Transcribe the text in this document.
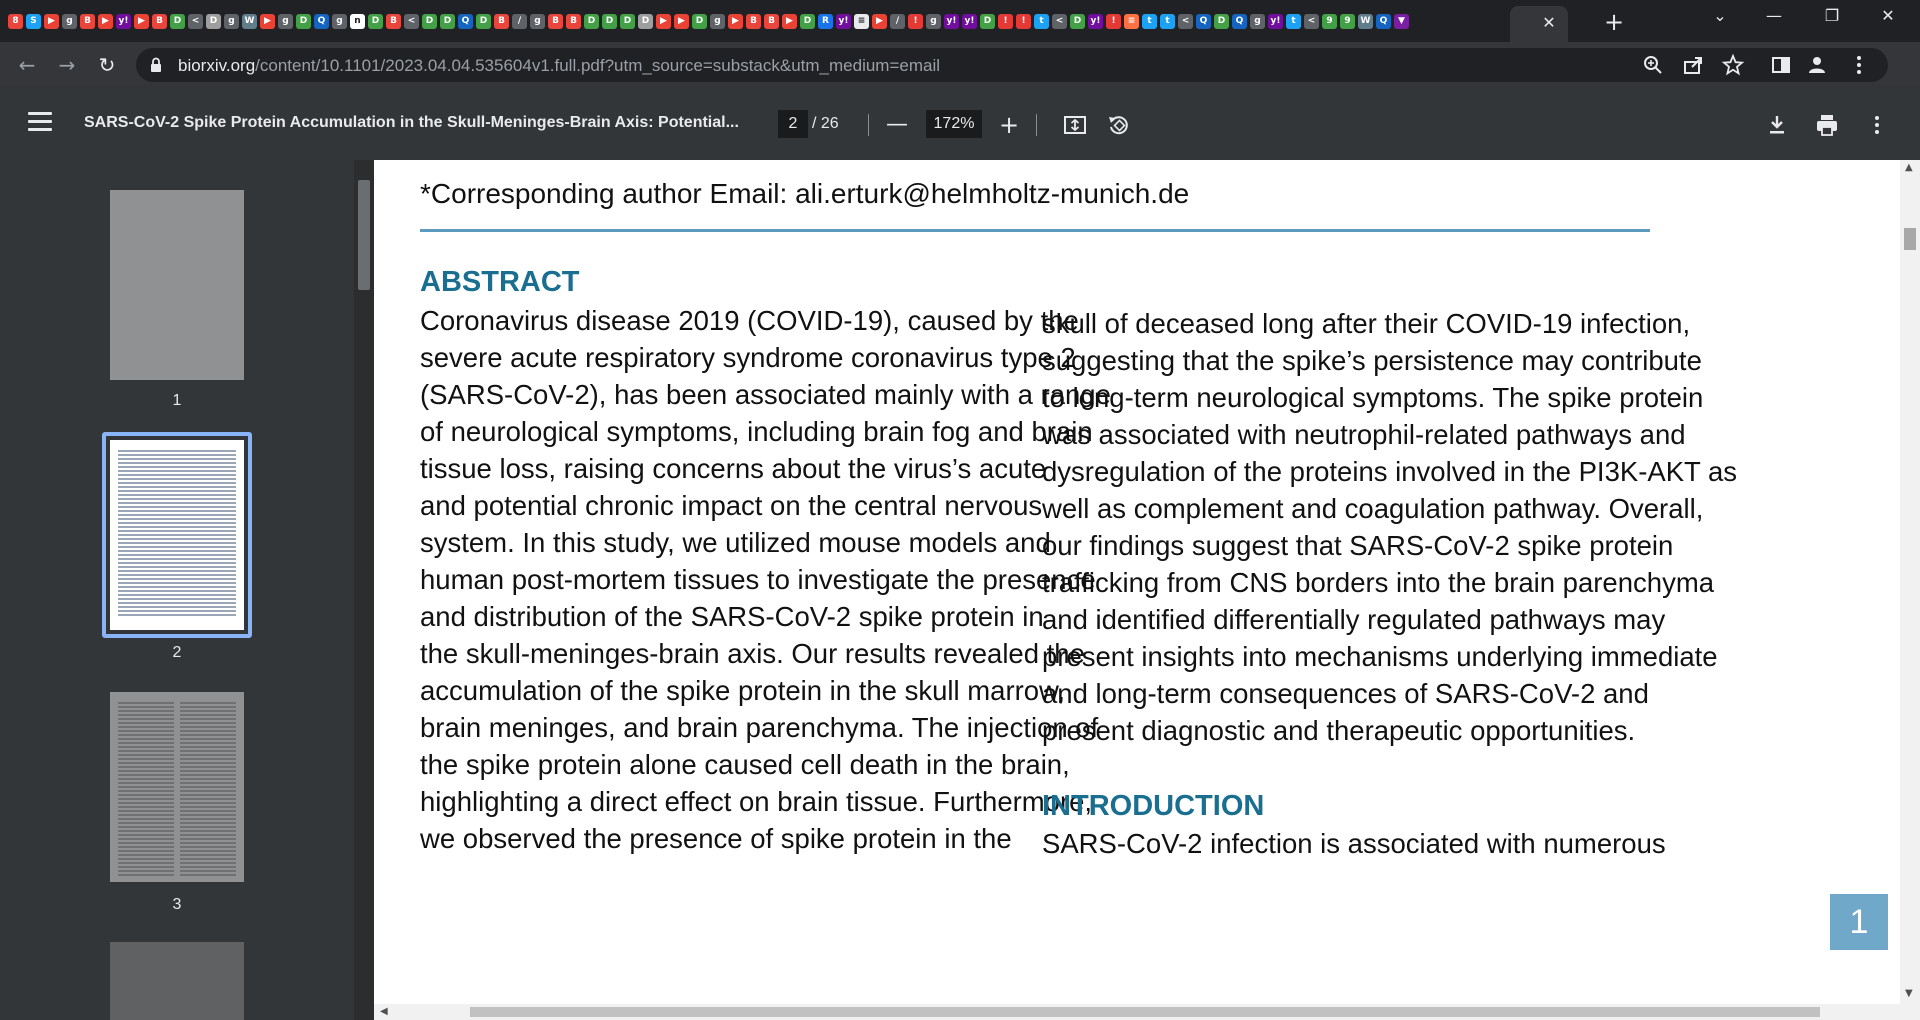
8	S	▶	g	B	▶	y!	▶	B	D	<	D	g	W	▶	g	D	Q	g	n	D	B	<	D	D	Q	D	B	/	g	B	B	D	D	D	D	▶	▶	D	g	▶	B	B	▶	D	R	y!	≡	▶	/	!	g	y! y!	D	!	!	t	<	D	y!	!	≡	t	t	<	Q	D	Q	g	y!	t	<	9	9	W	Q	▼	✕ +	⌄	—	❐	✕
←	→	↻	biorxiv.org/content/10.1101/2023.04.04.535604v1.full.pdf?utm_source=substack&utm_medium=email
SARS-CoV-2 Spike Protein Accumulation in the Skull-Meninges-Brain Axis: Potential...	2 / 26 —	172%	+
1
2
3
*Corresponding author Email: ali.erturk@helmholtz-munich.de
ABSTRACT
Coronavirus disease 2019 (COVID-19), caused by the
severe acute respiratory syndrome coronavirus type 2
(SARS-CoV-2), has been associated mainly with a range
of neurological symptoms, including brain fog and brain
tissue loss, raising concerns about the virus’s acute
and potential chronic impact on the central nervous
system. In this study, we utilized mouse models and
human post-mortem tissues to investigate the presence
and distribution of the SARS-CoV-2 spike protein in
the skull-meninges-brain axis. Our results revealed the
accumulation of the spike protein in the skull marrow,
brain meninges, and brain parenchyma. The injection of
the spike protein alone caused cell death in the brain,
highlighting a direct effect on brain tissue. Furthermore,
we observed the presence of spike protein in the
skull of deceased long after their COVID-19 infection,
suggesting that the spike’s persistence may contribute
to long-term neurological symptoms. The spike protein
was associated with neutrophil-related pathways and
dysregulation of the proteins involved in the PI3K-AKT as
well as complement and coagulation pathway. Overall,
our findings suggest that SARS-CoV-2 spike protein
trafficking from CNS borders into the brain parenchyma
and identified differentially regulated pathways may
present insights into mechanisms underlying immediate
and long-term consequences of SARS-CoV-2 and
present diagnostic and therapeutic opportunities.
INTRODUCTION
SARS-CoV-2 infection is associated with numerous
1
▲
▼
◀
